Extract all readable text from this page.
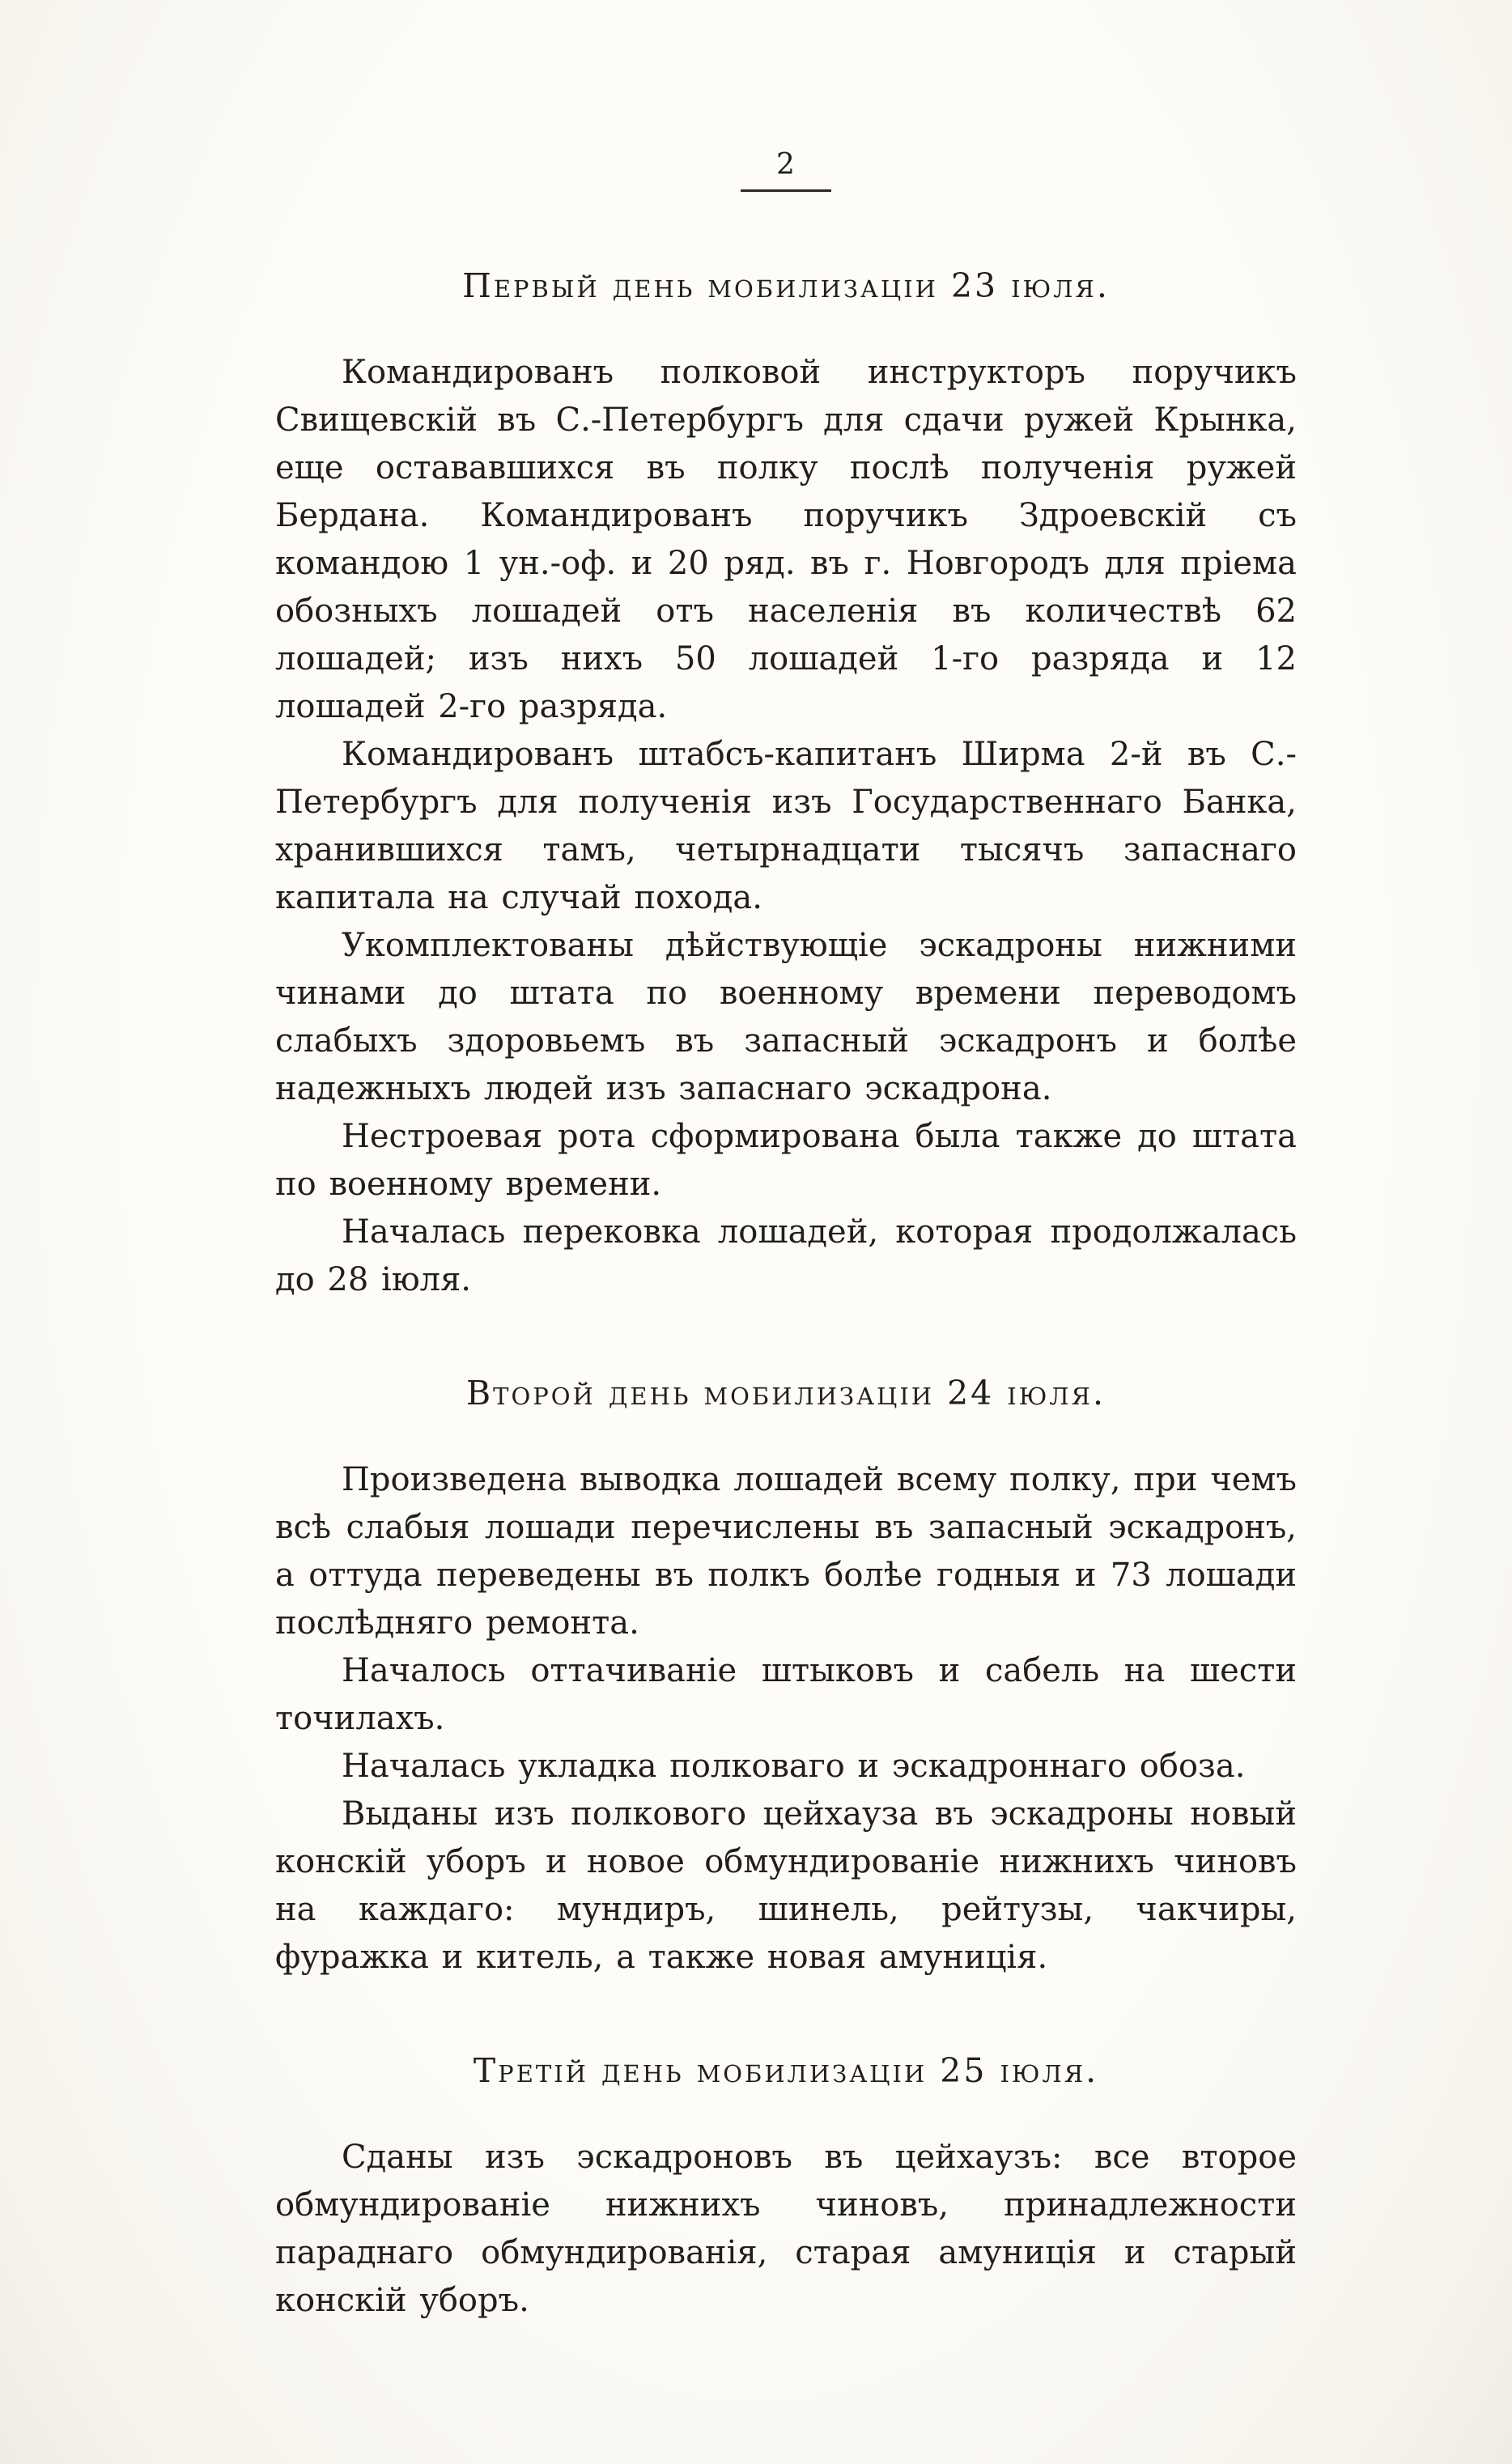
2
Первый день мобилизаціи 23 іюля.

Командированъ полковой инструкторъ поручикъ Свищевскій въ С.-Петербургъ для сдачи ружей Крынка, еще остававшихся въ полку послѣ полученія ружей Бердана. Командированъ поручикъ Здроевскій съ командою 1 ун.-оф. и 20 ряд. въ г. Новгородъ для пріема обозныхъ лошадей отъ населенія въ количествѣ 62 лошадей; изъ нихъ 50 лошадей 1-го разряда и 12 лошадей 2-го разряда.

Командированъ штабсъ-капитанъ Ширма 2-й въ С.-Петербургъ для полученія изъ Государственнаго Банка, хранившихся тамъ, четырнадцати тысячъ запаснаго капитала на случай похода.

Укомплектованы дѣйствующіе эскадроны нижними чинами до штата по военному времени переводомъ слабыхъ здоровьемъ въ запасный эскадронъ и болѣе надежныхъ людей изъ запаснаго эскадрона.

Нестроевая рота сформирована была также до штата по военному времени.

Началась перековка лошадей, которая продолжалась до 28 іюля.

Второй день мобилизаціи 24 іюля.

Произведена выводка лошадей всему полку, при чемъ всѣ слабыя лошади перечислены въ запасный эскадронъ, а оттуда переведены въ полкъ болѣе годныя и 73 лошади послѣдняго ремонта.

Началось оттачиваніе штыковъ и сабель на шести точилахъ.

Началась укладка полковаго и эскадроннаго обоза.

Выданы изъ полкового цейхауза въ эскадроны новый конскій уборъ и новое обмундированіе нижнихъ чиновъ на каждаго: мундиръ, шинель, рейтузы, чакчиры, фуражка и китель, а также новая амуниція.

Третій день мобилизаціи 25 іюля.

Сданы изъ эскадроновъ въ цейхаузъ: все второе обмундированіе нижнихъ чиновъ, принадлежности параднаго обмундированія, старая амуниція и старый конскій уборъ.
